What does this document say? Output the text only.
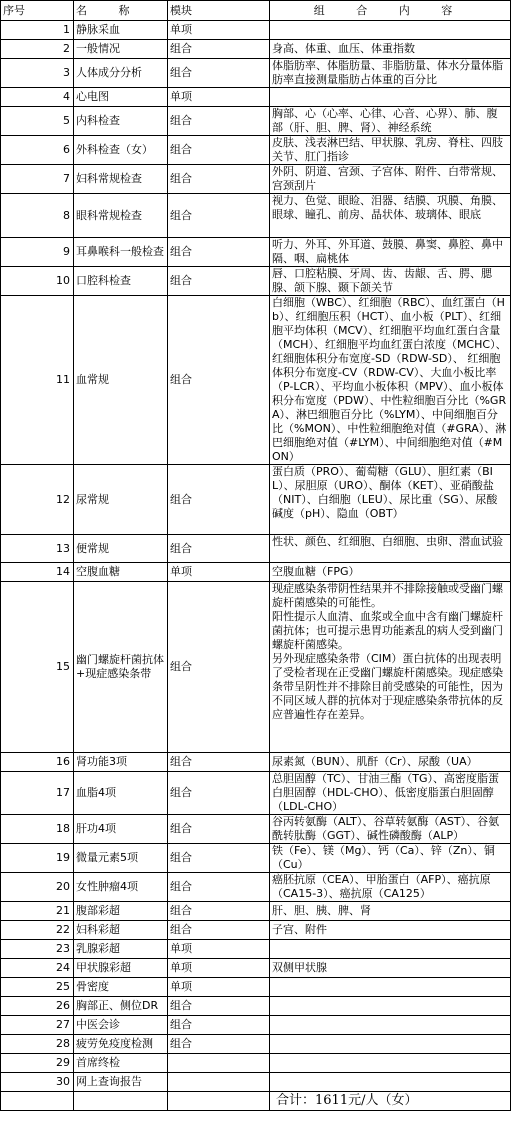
序号	名 称	模块	组 合 内 容
1	静脉采血	单项	
2	一般情况	组合	身高、体重、血压、体重指数
3	人体成分分析	组合	体脂肪率、体脂肪量、非脂肪量、体水分量体脂肪率直接测量脂肪占体重的百分比
4	心电图	单项	
5	内科检查	组合	胸部、心（心率、心律、心音、心界）、肺、腹部（肝、胆、脾、肾）、神经系统
6	外科检查（女）	组合	皮肤、浅表淋巴结、甲状腺、乳房、脊柱、四肢关节、肛门指诊
7	妇科常规检查	组合	外阴、阴道、宫颈、子宫体、附件、白带常规、宫颈刮片
8	眼科常规检查	组合	视力、色觉、眼睑、泪器、结膜、巩膜、角膜、眼球、瞳孔、前房、晶状体、玻璃体、眼底
9	耳鼻喉科一般检查	组合	听力、外耳、外耳道、鼓膜、鼻窦、鼻腔、鼻中隔、咽、扁桃体
10	口腔科检查	组合	唇、口腔粘膜、牙周、齿、齿龈、舌、腭、腮腺、颌下腺、颞下颌关节
11	血常规	组合	白细胞（WBC）、红细胞（RBC）、血红蛋白（Hb）、红细胞压积（HCT）、血小板（PLT）、红细胞平均体积（MCV）、红细胞平均血红蛋白含量（MCH）、红细胞平均血红蛋白浓度（MCHC）、红细胞体积分布宽度-SD（RDW-SD）、 红细胞体积分布宽度-CV（RDW-CV）、大血小板比率（P-LCR）、平均血小板体积（MPV）、血小板体积分布宽度（PDW）、中性粒细胞百分比（%GRA）、淋巴细胞百分比（%LYM）、中间细胞百分比（%MON）、中性粒细胞绝对值（#GRA）、淋巴细胞绝对值（#LYM）、中间细胞绝对值（#MON）
12	尿常规	组合	蛋白质（PRO）、葡萄糖（GLU）、胆红素（BIL）、尿胆原（URO）、酮体（KET）、亚硝酸盐（NIT）、白细胞（LEU）、尿比重（SG）、尿酸碱度（pH）、隐血（OBT）
13	便常规	组合	性状、颜色、红细胞、白细胞、虫卵、潜血试验
14	空腹血糖	单项	空腹血糖（FPG）
15	幽门螺旋杆菌抗体+现症感染条带	组合	现症感染条带阴性结果并不排除接触或受幽门螺旋杆菌感染的可能性。
阳性提示人血清、血浆或全血中含有幽门螺旋杆菌抗体；也可提示患胃功能紊乱的病人受到幽门螺旋杆菌感染。
另外现症感染条带（CIM）蛋白抗体的出现表明了受检者现在正受幽门螺旋杆菌感染。现症感染条带呈阴性并不排除目前受感染的可能性，因为不同区域人群的抗体对于现症感染条带抗体的反应普遍性存在差异。
16	肾功能3项	组合	尿素氮（BUN）、肌酐（Cr）、尿酸（UA）
17	血脂4项	组合	总胆固醇（TC）、甘油三酯（TG）、高密度脂蛋白胆固醇（HDL-CHO）、低密度脂蛋白胆固醇（LDL-CHO）
18	肝功4项	组合	谷丙转氨酶（ALT）、谷草转氨酶（AST）、谷氨酰转肽酶（GGT）、碱性磷酸酶（ALP）
19	微量元素5项	组合	铁（Fe）、镁（Mg）、钙（Ca）、锌（Zn）、铜（Cu）
20	女性肿瘤4项	组合	癌胚抗原（CEA）、甲胎蛋白（AFP）、癌抗原（CA15-3）、癌抗原（CA125）
21	腹部彩超	组合	肝、胆、胰、脾、肾
22	妇科彩超	组合	子宫、附件
23	乳腺彩超	单项	
24	甲状腺彩超	单项	双侧甲状腺
25	骨密度	单项	
26	胸部正、侧位DR	组合	
27	中医会诊	组合	
28	疲劳免疫度检测	组合	
29	首席终检		
30	网上查询报告		
			合计：1611元/人（女）
